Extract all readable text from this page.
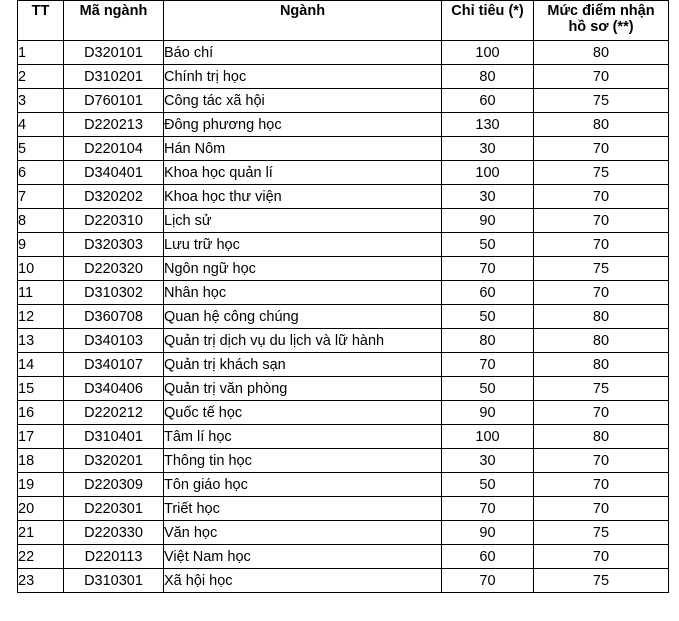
TT	Mã ngành	Ngành	Chỉ tiêu (*)	Mức điểm nhận
hồ sơ (**)

1	D320101	Báo chí	100	80
2	D310201	Chính trị học	80	70
3	D760101	Công tác xã hội	60	75
4	D220213	Đông phương học	130	80
5	D220104	Hán Nôm	30	70
6	D340401	Khoa học quản lí	100	75
7	D320202	Khoa học thư viện	30	70
8	D220310	Lịch sử	90	70
9	D320303	Lưu trữ học	50	70
10	D220320	Ngôn ngữ học	70	75
11	D310302	Nhân học	60	70
12	D360708	Quan hệ công chúng	50	80
13	D340103	Quản trị dịch vụ du lịch và lữ hành	80	80
14	D340107	Quản trị khách sạn	70	80
15	D340406	Quản trị văn phòng	50	75
16	D220212	Quốc tế học	90	70
17	D310401	Tâm lí học	100	80
18	D320201	Thông tin học	30	70
19	D220309	Tôn giáo học	50	70
20	D220301	Triết học	70	70
21	D220330	Văn học	90	75
22	D220113	Việt Nam học	60	70
23	D310301	Xã hội học	70	75
